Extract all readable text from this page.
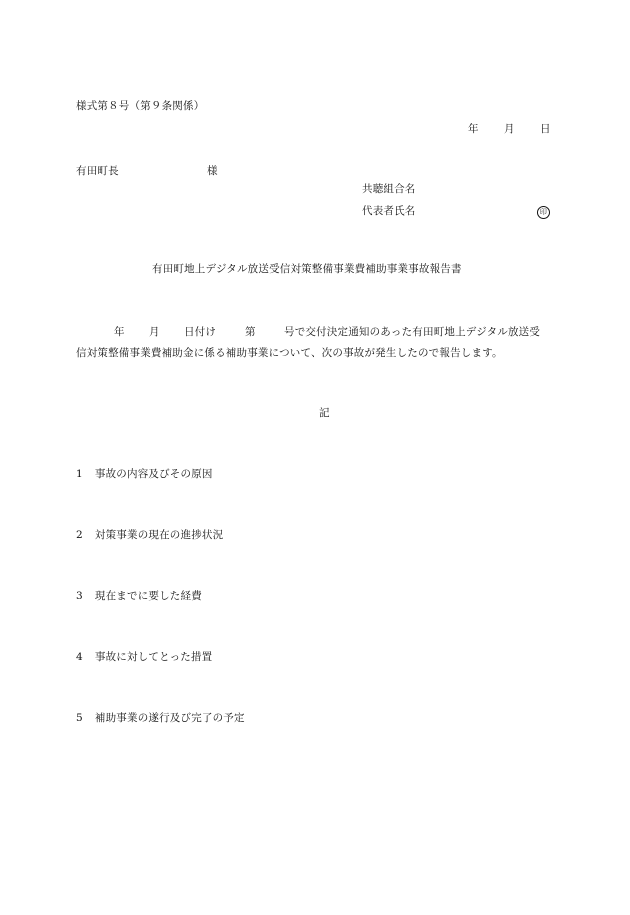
様式第８号（第９条関係）
年 月 日
有田町長	様
共聴組合名
代表者氏名	印
有田町地上デジタル放送受信対策整備事業費補助事業事故報告書
年 月 日付け	第	号で交付決定通知のあった有田町地上デジタル放送受
信対策整備事業費補助金に係る補助事業について、次の事故が発生したので報告します。
記
1 事故の内容及びその原因
2 対策事業の現在の進捗状況
3 現在までに要した経費
4 事故に対してとった措置
5 補助事業の遂行及び完了の予定
